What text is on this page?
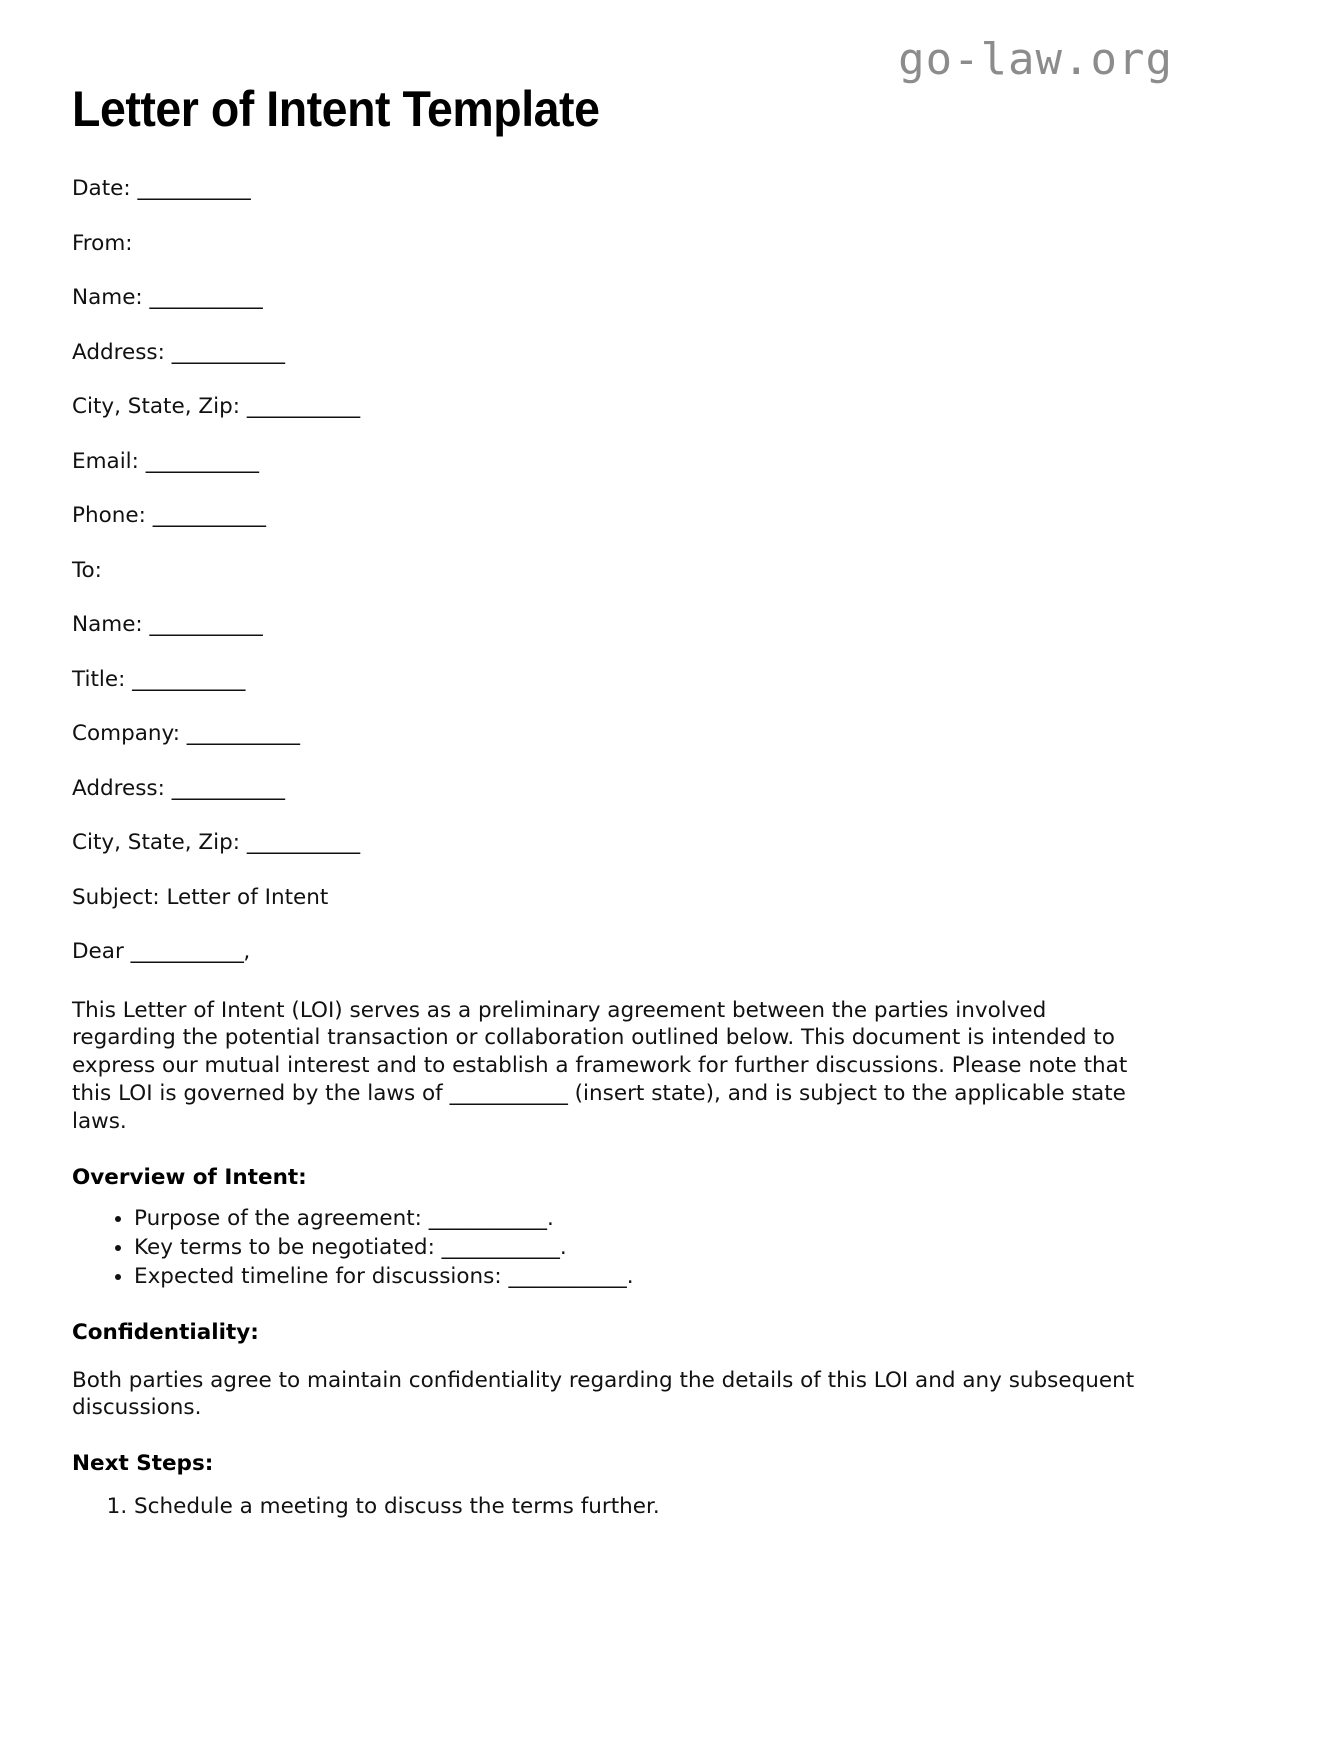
go-law.org
Letter of Intent Template
Date: ___________
From:
Name: ___________
Address: ___________
City, State, Zip: ___________
Email: ___________
Phone: ___________
To:
Name: ___________
Title: ___________
Company: ___________
Address: ___________
City, State, Zip: ___________
Subject: Letter of Intent
Dear ___________,

This Letter of Intent (LOI) serves as a preliminary agreement between the parties involved regarding the potential transaction or collaboration outlined below. This document is intended to express our mutual interest and to establish a framework for further discussions. Please note that this LOI is governed by the laws of ___________ (insert state), and is subject to the applicable state laws.

Overview of Intent:
• Purpose of the agreement: ___________.
• Key terms to be negotiated: ___________.
• Expected timeline for discussions: ___________.
Confidentiality:

Both parties agree to maintain confidentiality regarding the details of this LOI and any subsequent discussions.

Next Steps:
1. Schedule a meeting to discuss the terms further.
